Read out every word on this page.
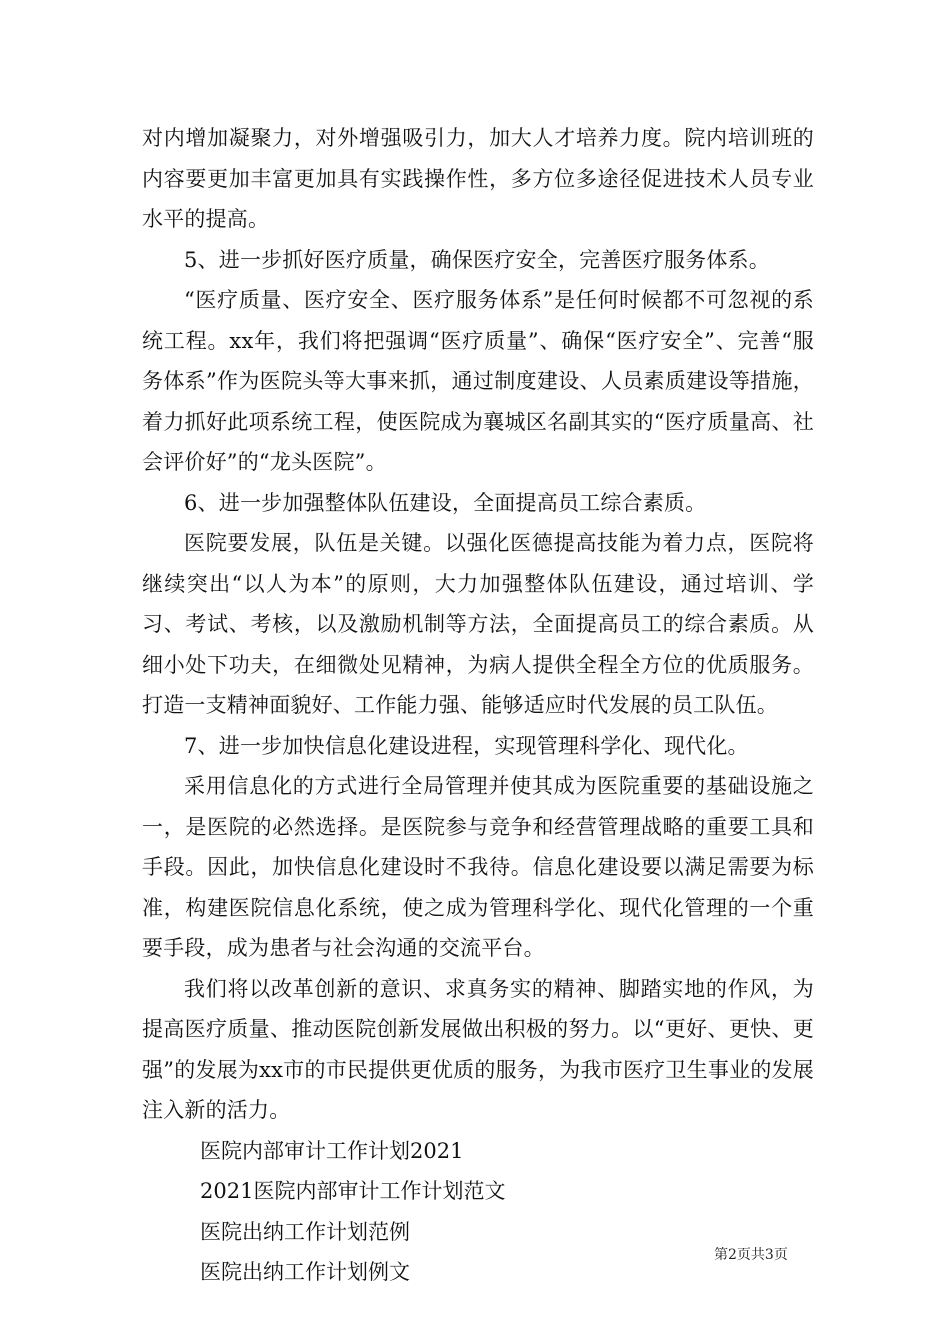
对内增加凝聚力，对外增强吸引力，加大人才培养力度。院内培训班的内容要更加丰富更加具有实践操作性，多方位多途径促进技术人员专业水平的提高。

5、进一步抓好医疗质量，确保医疗安全，完善医疗服务体系。

“医疗质量、医疗安全、医疗服务体系”是任何时候都不可忽视的系统工程。xx年，我们将把强调“医疗质量”、确保“医疗安全”、完善“服务体系”作为医院头等大事来抓，通过制度建设、人员素质建设等措施，着力抓好此项系统工程，使医院成为襄城区名副其实的“医疗质量高、社会评价好”的“龙头医院”。

6、进一步加强整体队伍建设，全面提高员工综合素质。

医院要发展，队伍是关键。以强化医德提高技能为着力点，医院将继续突出“以人为本”的原则，大力加强整体队伍建设，通过培训、学习、考试、考核，以及激励机制等方法，全面提高员工的综合素质。从细小处下功夫，在细微处见精神，为病人提供全程全方位的优质服务。打造一支精神面貌好、工作能力强、能够适应时代发展的员工队伍。

7、进一步加快信息化建设进程，实现管理科学化、现代化。

采用信息化的方式进行全局管理并使其成为医院重要的基础设施之一，是医院的必然选择。是医院参与竞争和经营管理战略的重要工具和手段。因此，加快信息化建设时不我待。信息化建设要以满足需要为标准，构建医院信息化系统，使之成为管理科学化、现代化管理的一个重要手段，成为患者与社会沟通的交流平台。

我们将以改革创新的意识、求真务实的精神、脚踏实地的作风，为提高医疗质量、推动医院创新发展做出积极的努力。以“更好、更快、更强”的发展为xx市的市民提供更优质的服务，为我市医疗卫生事业的发展注入新的活力。

医院内部审计工作计划2021
2021医院内部审计工作计划范文
医院出纳工作计划范例
医院出纳工作计划例文
第2页共3页
